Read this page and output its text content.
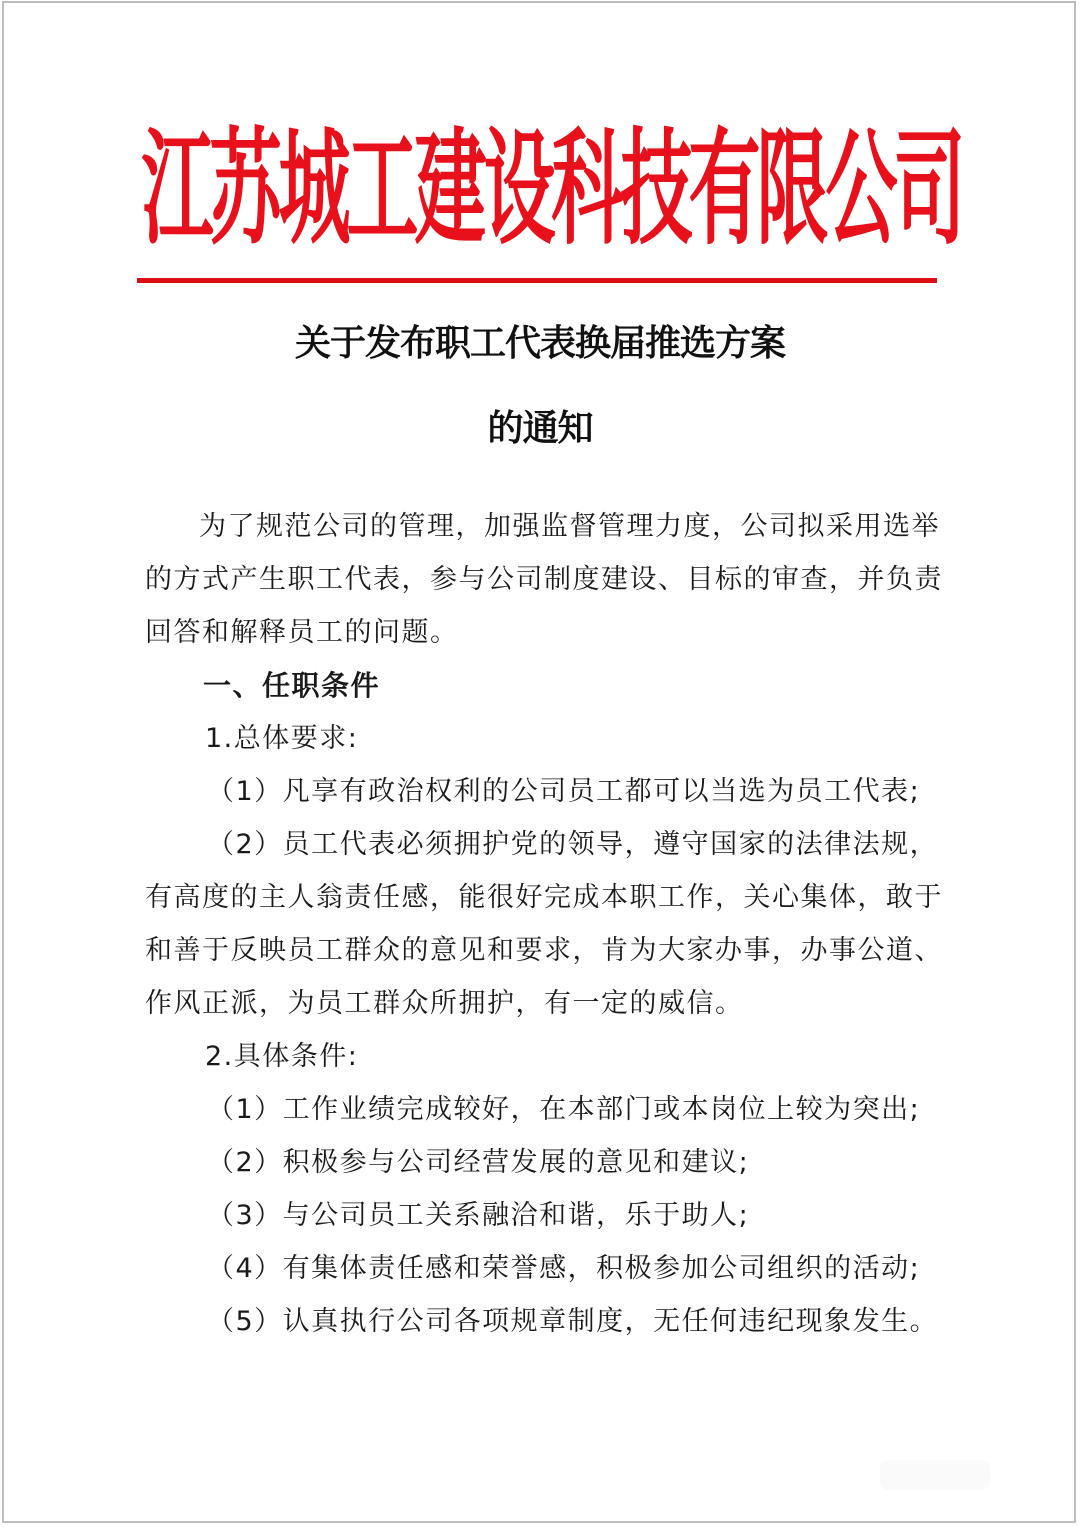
江
苏
城
工
建
设
科
技
有
限
公
司
关于发布职工代表换届推选方案
的通知

为了规范公司的管理，加强监督管理力度，公司拟采用选举的方式产生职工代表，参与公司制度建设、目标的审查，并负责回答和解释员工的问题。

一、任职条件

1.总体要求:

（1）凡享有政治权利的公司员工都可以当选为员工代表;

（2）员工代表必须拥护党的领导，遵守国家的法律法规，有高度的主人翁责任感，能很好完成本职工作，关心集体，敢于和善于反映员工群众的意见和要求，肯为大家办事，办事公道、作风正派，为员工群众所拥护，有一定的威信。

2.具体条件:

（1）工作业绩完成较好，在本部门或本岗位上较为突出;

（2）积极参与公司经营发展的意见和建议;

（3）与公司员工关系融洽和谐，乐于助人;

（4）有集体责任感和荣誉感，积极参加公司组织的活动;

（5）认真执行公司各项规章制度，无任何违纪现象发生。
